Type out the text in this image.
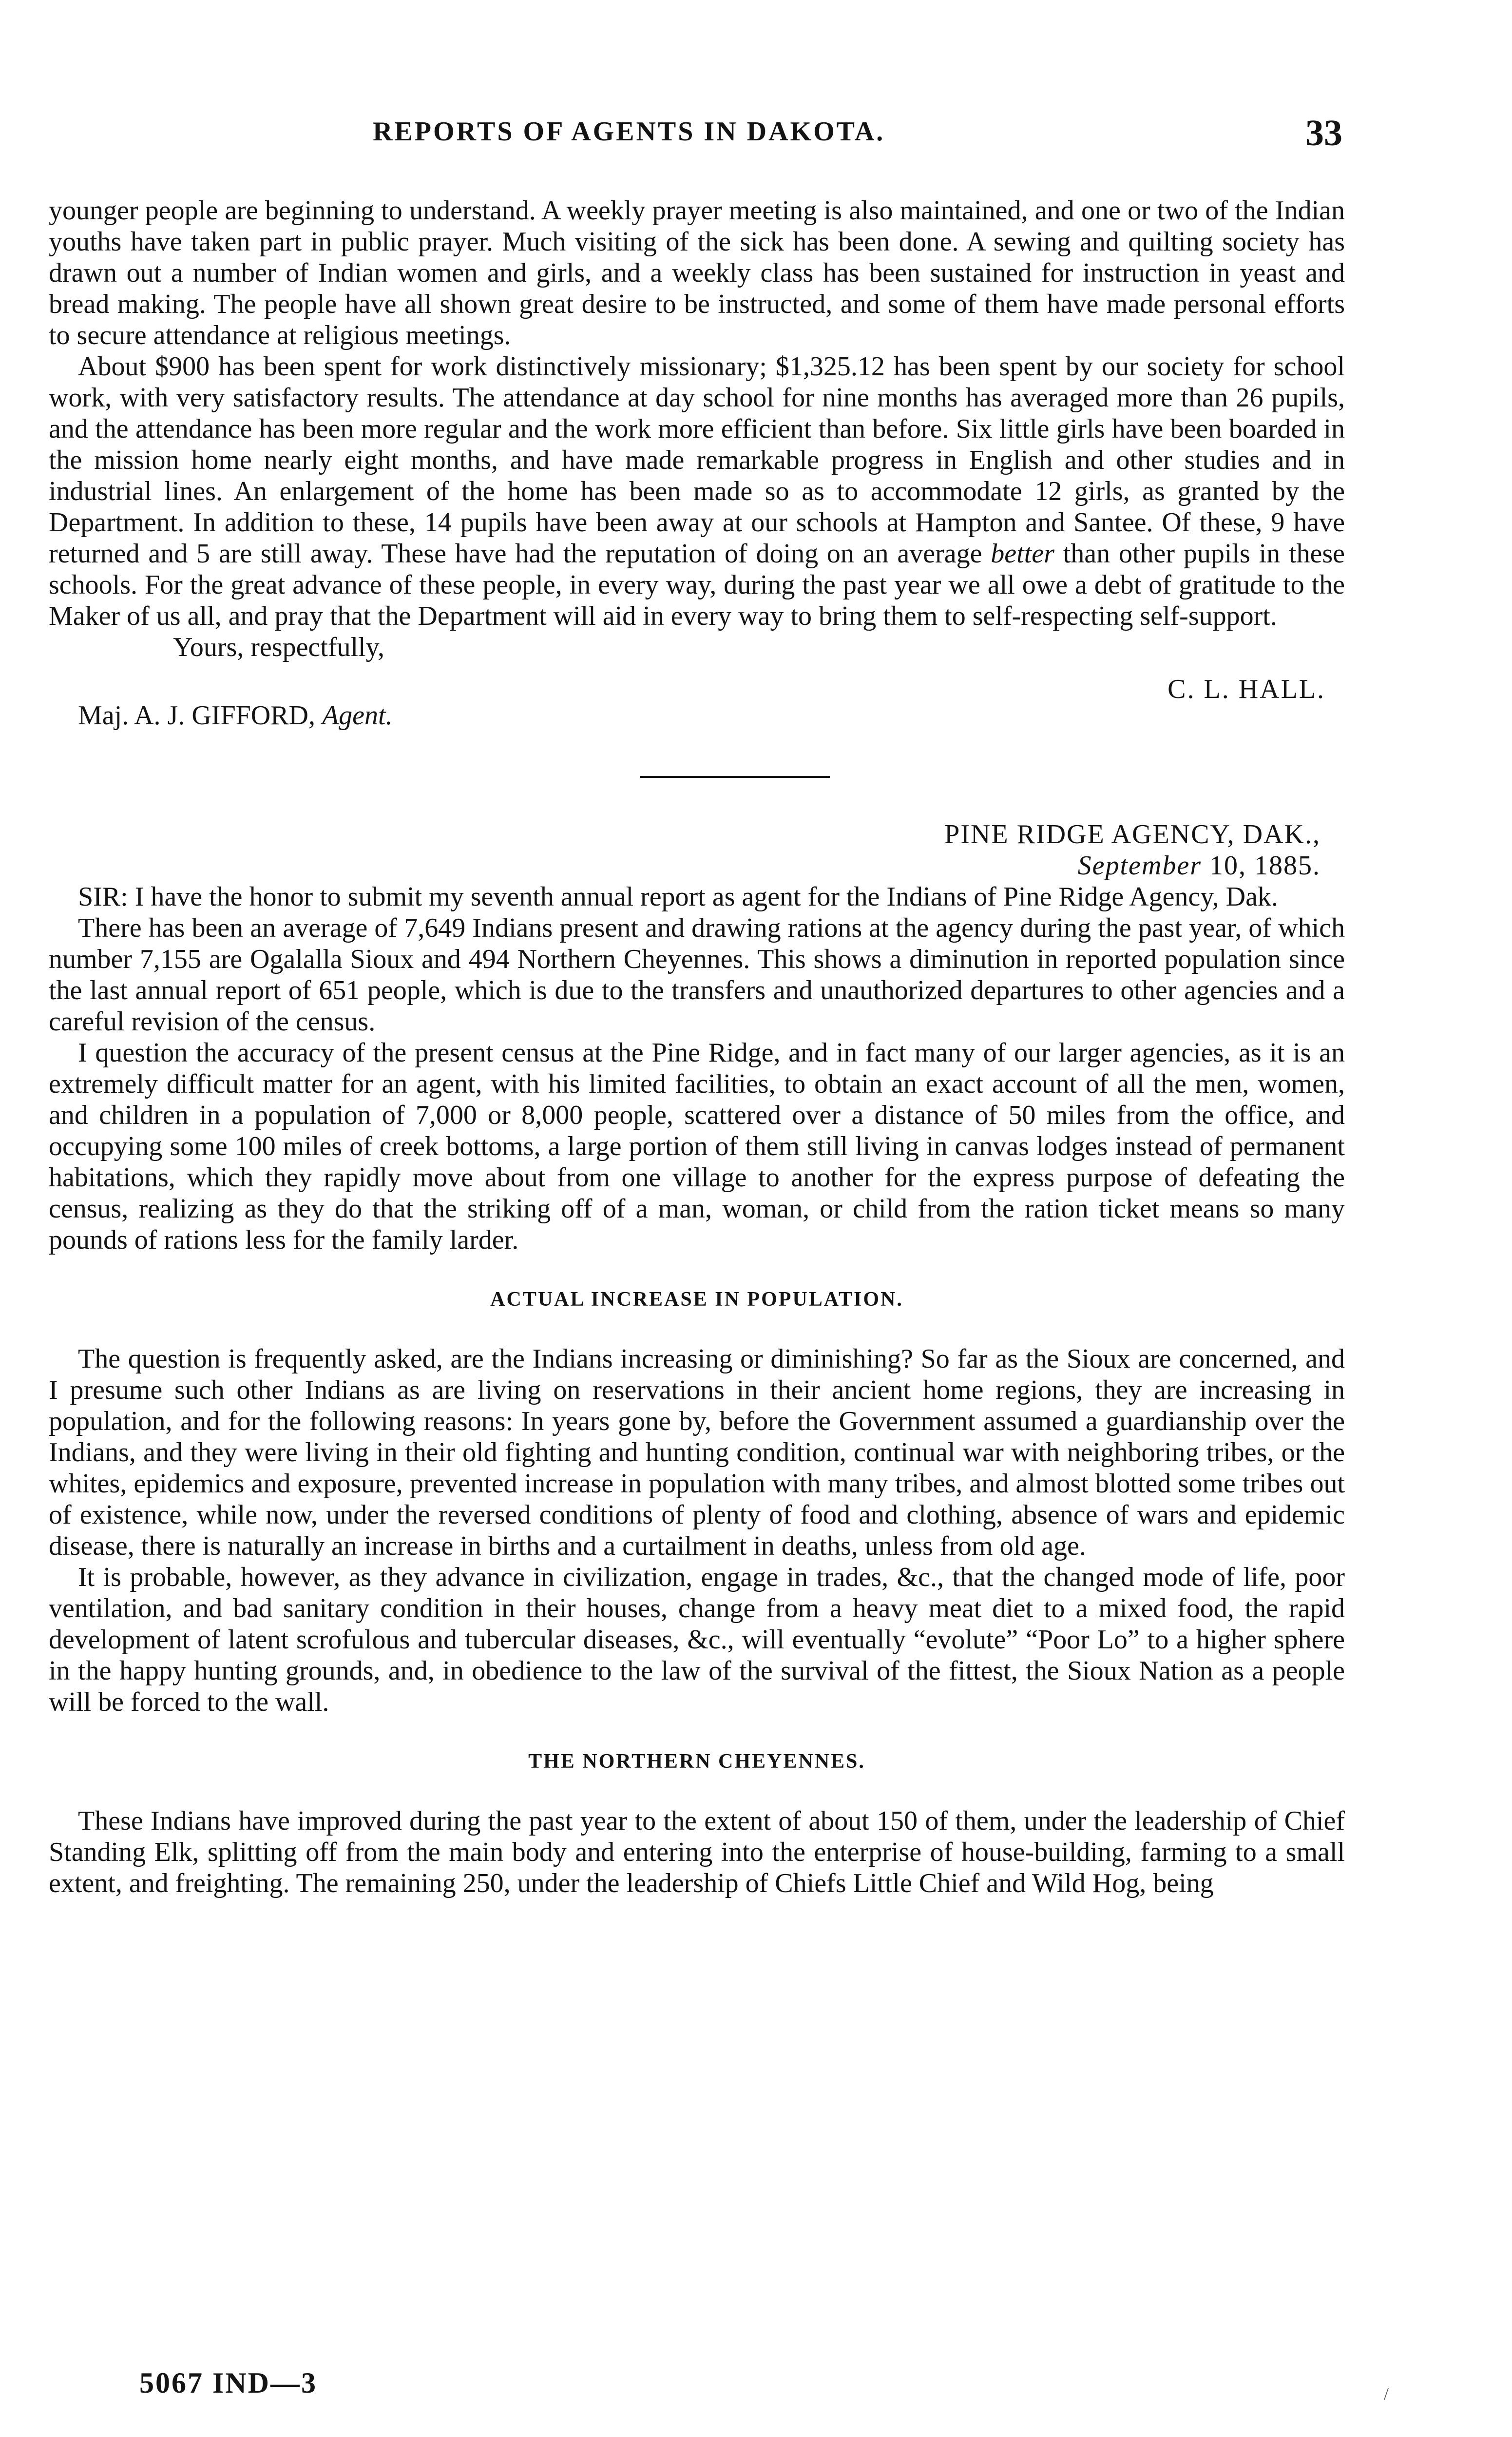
REPORTS OF AGENTS IN DAKOTA.	33

younger people are beginning to understand. A weekly prayer meeting is also maintained, and one or two of the Indian youths have taken part in public prayer. Much visiting of the sick has been done. A sewing and quilting society has drawn out a number of Indian women and girls, and a weekly class has been sustained for instruction in yeast and bread making. The people have all shown great desire to be instructed, and some of them have made personal efforts to secure attendance at religious meetings.

About $900 has been spent for work distinctively missionary; $1,325.12 has been spent by our society for school work, with very satisfactory results. The attendance at day school for nine months has averaged more than 26 pupils, and the attendance has been more regular and the work more efficient than before. Six little girls have been boarded in the mission home nearly eight months, and have made remarkable progress in English and other studies and in industrial lines. An enlargement of the home has been made so as to accommodate 12 girls, as granted by the Department. In addition to these, 14 pupils have been away at our schools at Hampton and Santee. Of these, 9 have returned and 5 are still away. These have had the reputation of doing on an average better than other pupils in these schools. For the great advance of these people, in every way, during the past year we all owe a debt of gratitude to the Maker of us all, and pray that the Department will aid in every way to bring them to self-respecting self-support.

Yours, respectfully,

C. L. HALL.
Maj. A. J. GIFFORD, Agent.
PINE RIDGE AGENCY, DAK.,
September 10, 1885.

SIR: I have the honor to submit my seventh annual report as agent for the Indians of Pine Ridge Agency, Dak.

There has been an average of 7,649 Indians present and drawing rations at the agency during the past year, of which number 7,155 are Ogalalla Sioux and 494 Northern Cheyennes. This shows a diminution in reported population since the last annual report of 651 people, which is due to the transfers and unauthorized departures to other agencies and a careful revision of the census.

I question the accuracy of the present census at the Pine Ridge, and in fact many of our larger agencies, as it is an extremely difficult matter for an agent, with his limited facilities, to obtain an exact account of all the men, women, and children in a population of 7,000 or 8,000 people, scattered over a distance of 50 miles from the office, and occupying some 100 miles of creek bottoms, a large portion of them still living in canvas lodges instead of permanent habitations, which they rapidly move about from one village to another for the express purpose of defeating the census, realizing as they do that the striking off of a man, woman, or child from the ration ticket means so many pounds of rations less for the family larder.

ACTUAL INCREASE IN POPULATION.

The question is frequently asked, are the Indians increasing or diminishing? So far as the Sioux are concerned, and I presume such other Indians as are living on reservations in their ancient home regions, they are increasing in population, and for the following reasons: In years gone by, before the Government assumed a guardianship over the Indians, and they were living in their old fighting and hunting condition, continual war with neighboring tribes, or the whites, epidemics and exposure, prevented increase in population with many tribes, and almost blotted some tribes out of existence, while now, under the reversed conditions of plenty of food and clothing, absence of wars and epidemic disease, there is naturally an increase in births and a curtailment in deaths, unless from old age.

It is probable, however, as they advance in civilization, engage in trades, &c., that the changed mode of life, poor ventilation, and bad sanitary condition in their houses, change from a heavy meat diet to a mixed food, the rapid development of latent scrofulous and tubercular diseases, &c., will eventually “evolute” “Poor Lo” to a higher sphere in the happy hunting grounds, and, in obedience to the law of the survival of the fittest, the Sioux Nation as a people will be forced to the wall.

THE NORTHERN CHEYENNES.

These Indians have improved during the past year to the extent of about 150 of them, under the leadership of Chief Standing Elk, splitting off from the main body and entering into the enterprise of house-building, farming to a small extent, and freighting. The remaining 250, under the leadership of Chiefs Little Chief and Wild Hog, being

5067 IND—3	/
